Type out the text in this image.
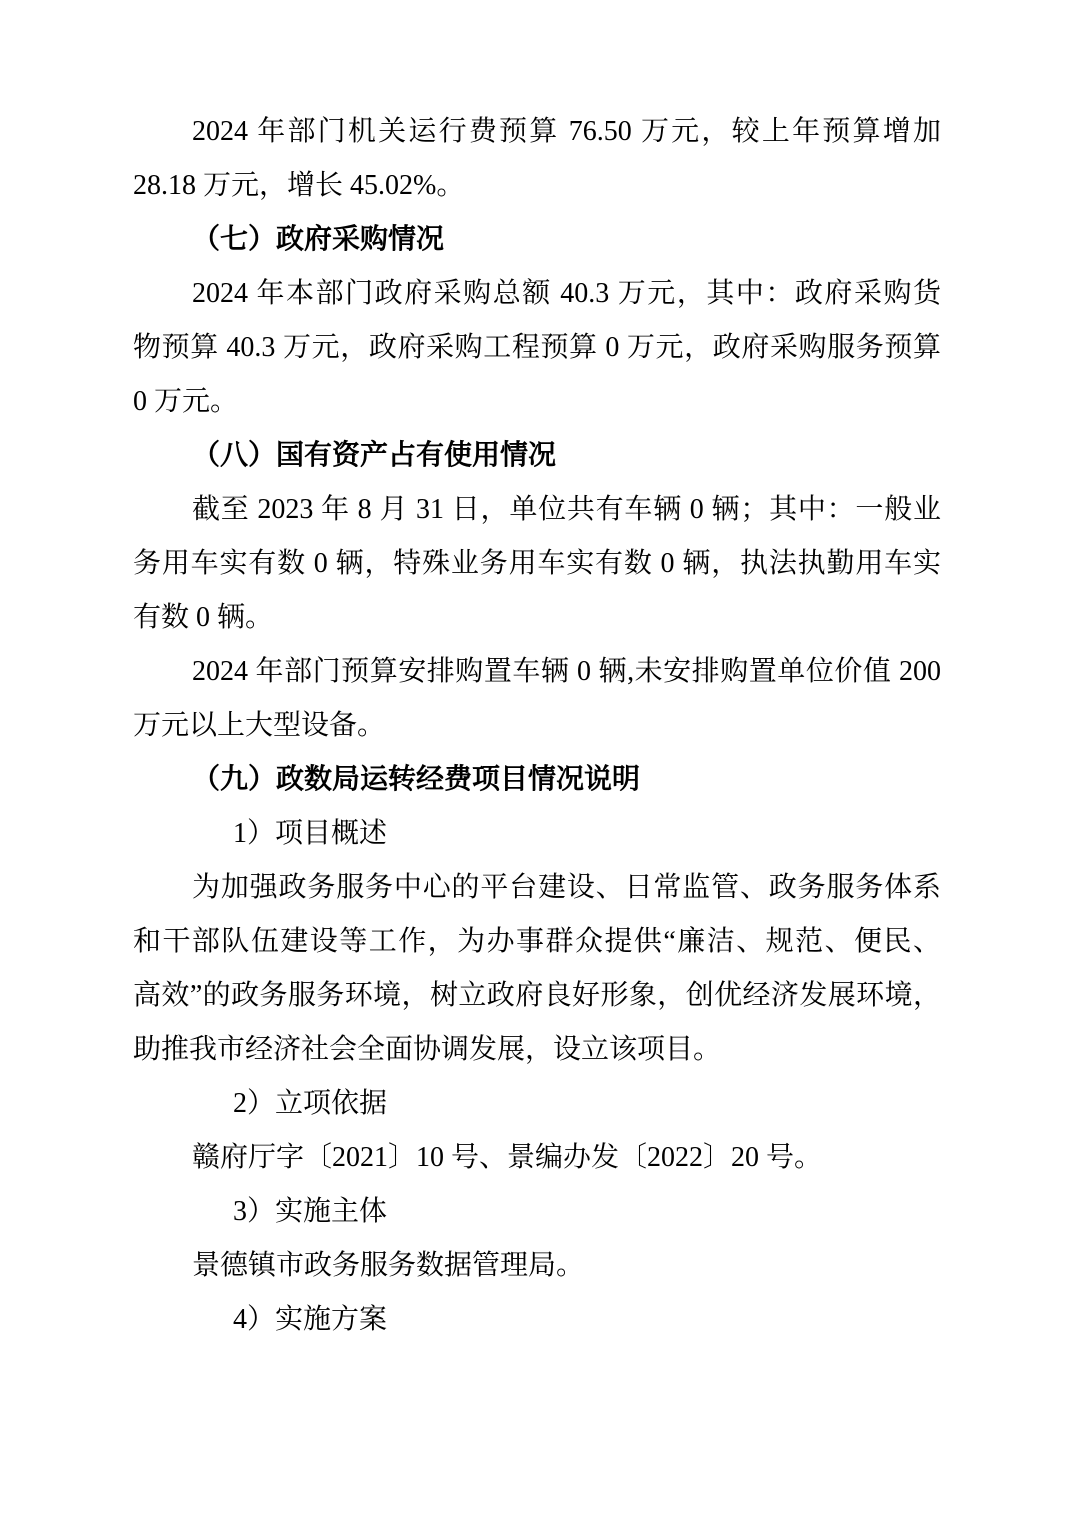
2024 年部门机关运行费预算 76.50 万元，较上年预算增加
28.18 万元，增长 45.02%。
（七）政府采购情况
2024 年本部门政府采购总额 40.3 万元，其中：政府采购货
物预算 40.3 万元，政府采购工程预算 0 万元，政府采购服务预算
0 万元。
（八）国有资产占有使用情况
截至 2023 年 8 月 31 日，单位共有车辆 0 辆；其中：一般业
务用车实有数 0 辆，特殊业务用车实有数 0 辆，执法执勤用车实
有数 0 辆。
2024 年部门预算安排购置车辆 0 辆,未安排购置单位价值 200
万元以上大型设备。
（九）政数局运转经费项目情况说明
1）项目概述
为加强政务服务中心的平台建设、日常监管、政务服务体系
和干部队伍建设等工作，为办事群众提供“廉洁、规范、便民、
高效”的政务服务环境，树立政府良好形象，创优经济发展环境，
助推我市经济社会全面协调发展，设立该项目。
2）立项依据
赣府厅字〔2021〕10 号、景编办发〔2022〕20 号。
3）实施主体
景德镇市政务服务数据管理局。
4）实施方案
